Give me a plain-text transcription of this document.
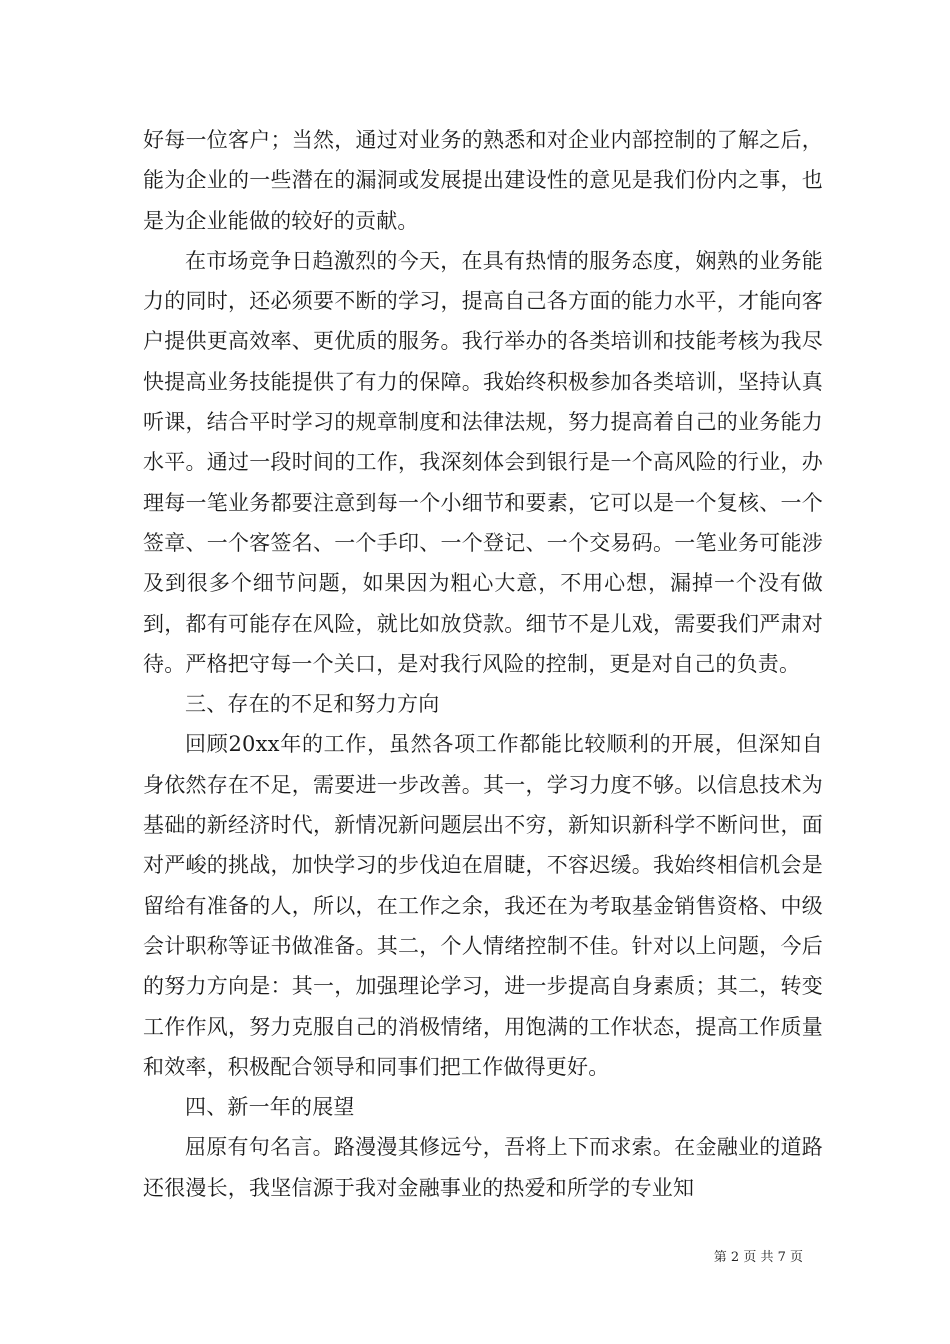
好每一位客户；当然，通过对业务的熟悉和对企业内部控制的了解之后，能为企业的一些潜在的漏洞或发展提出建设性的意见是我们份内之事，也是为企业能做的较好的贡献。

在市场竞争日趋激烈的今天，在具有热情的服务态度，娴熟的业务能力的同时，还必须要不断的学习，提高自己各方面的能力水平，才能向客户提供更高效率、更优质的服务。我行举办的各类培训和技能考核为我尽快提高业务技能提供了有力的保障。我始终积极参加各类培训，坚持认真听课，结合平时学习的规章制度和法律法规，努力提高着自己的业务能力水平。通过一段时间的工作，我深刻体会到银行是一个高风险的行业，办理每一笔业务都要注意到每一个小细节和要素，它可以是一个复核、一个签章、一个客签名、一个手印、一个登记、一个交易码。一笔业务可能涉及到很多个细节问题，如果因为粗心大意，不用心想，漏掉一个没有做到，都有可能存在风险，就比如放贷款。细节不是儿戏，需要我们严肃对待。严格把守每一个关口，是对我行风险的控制，更是对自己的负责。

三、存在的不足和努力方向

回顾20xx年的工作，虽然各项工作都能比较顺利的开展，但深知自身依然存在不足，需要进一步改善。其一，学习力度不够。以信息技术为基础的新经济时代，新情况新问题层出不穷，新知识新科学不断问世，面对严峻的挑战，加快学习的步伐迫在眉睫，不容迟缓。我始终相信机会是留给有准备的人，所以，在工作之余，我还在为考取基金销售资格、中级会计职称等证书做准备。其二，个人情绪控制不佳。针对以上问题，今后的努力方向是：其一，加强理论学习，进一步提高自身素质；其二，转变工作作风，努力克服自己的消极情绪，用饱满的工作状态，提高工作质量和效率，积极配合领导和同事们把工作做得更好。

四、新一年的展望

屈原有句名言。路漫漫其修远兮，吾将上下而求索。在金融业的道路还很漫长，我坚信源于我对金融事业的热爱和所学的专业知

第 2 页 共 7 页
